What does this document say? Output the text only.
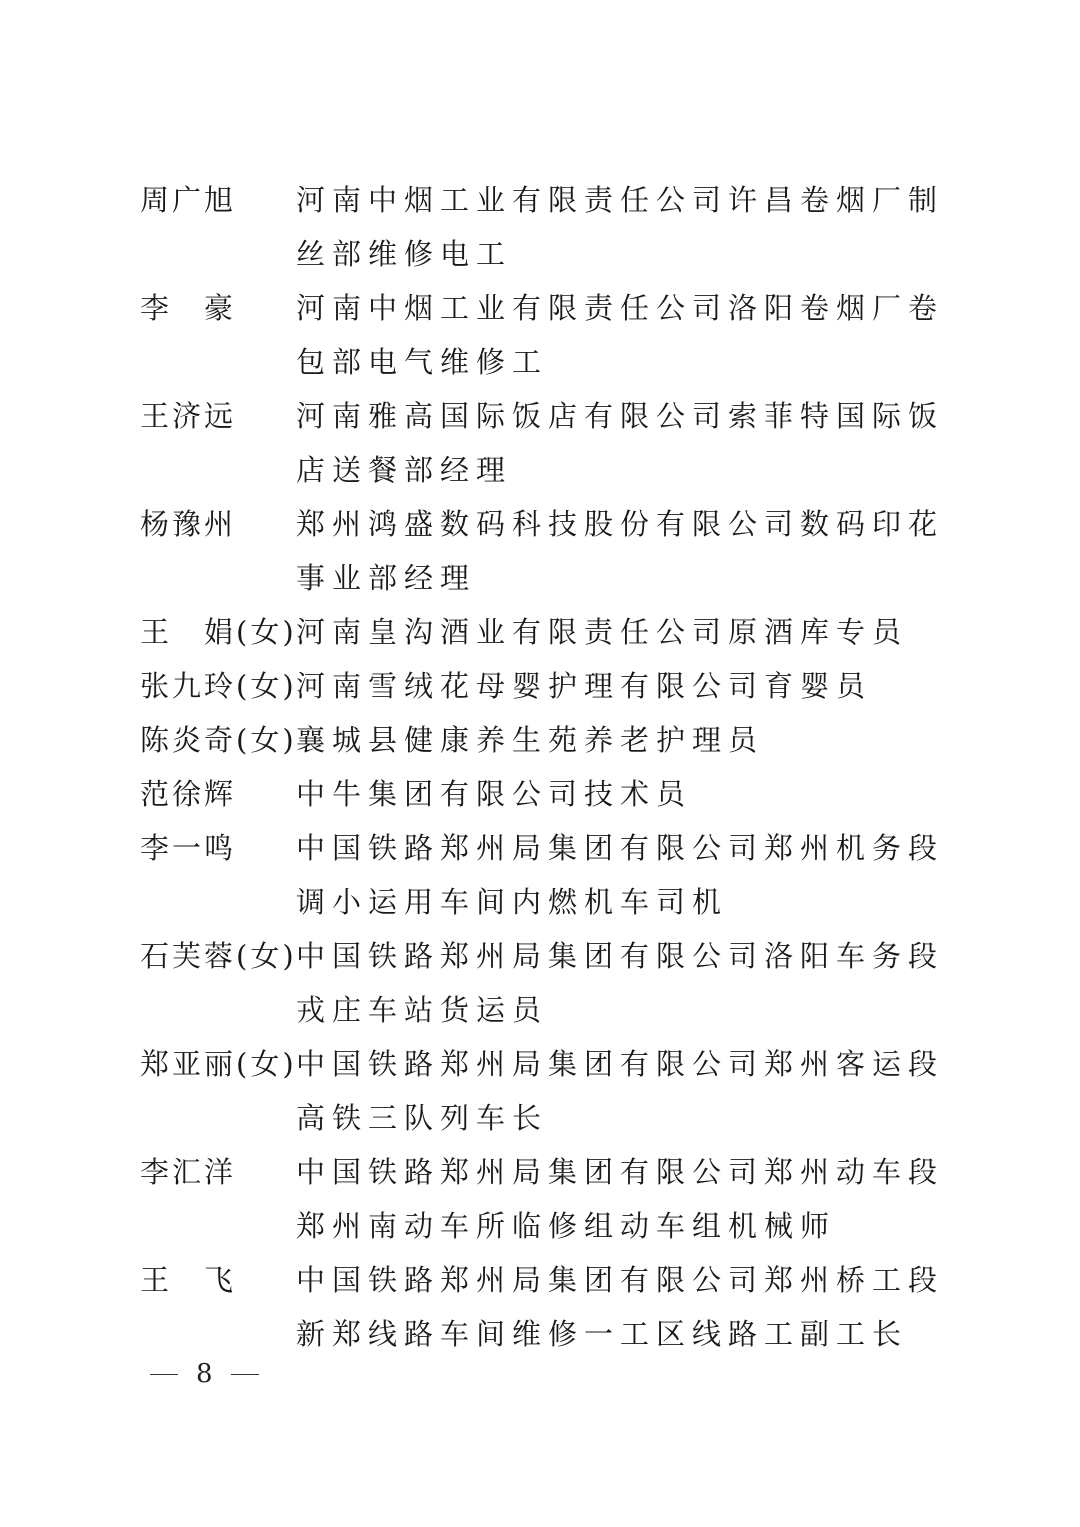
周广旭	河南中烟工业有限责任公司许昌卷烟厂制丝部维修电工
李　豪	河南中烟工业有限责任公司洛阳卷烟厂卷包部电气维修工
王济远	河南雅高国际饭店有限公司索菲特国际饭店送餐部经理
杨豫州	郑州鸿盛数码科技股份有限公司数码印花事业部经理
王　娟(女) 河南皇沟酒业有限责任公司原酒库专员
张九玲(女) 河南雪绒花母婴护理有限公司育婴员
陈炎奇(女) 襄城县健康养生苑养老护理员
范徐辉	中牛集团有限公司技术员
李一鸣	中国铁路郑州局集团有限公司郑州机务段调小运用车间内燃机车司机
石芙蓉(女) 中国铁路郑州局集团有限公司洛阳车务段戎庄车站货运员
郑亚丽(女) 中国铁路郑州局集团有限公司郑州客运段高铁三队列车长
李汇洋	中国铁路郑州局集团有限公司郑州动车段郑州南动车所临修组动车组机械师
王　飞	中国铁路郑州局集团有限公司郑州桥工段新郑线路车间维修一工区线路工副工长
8
